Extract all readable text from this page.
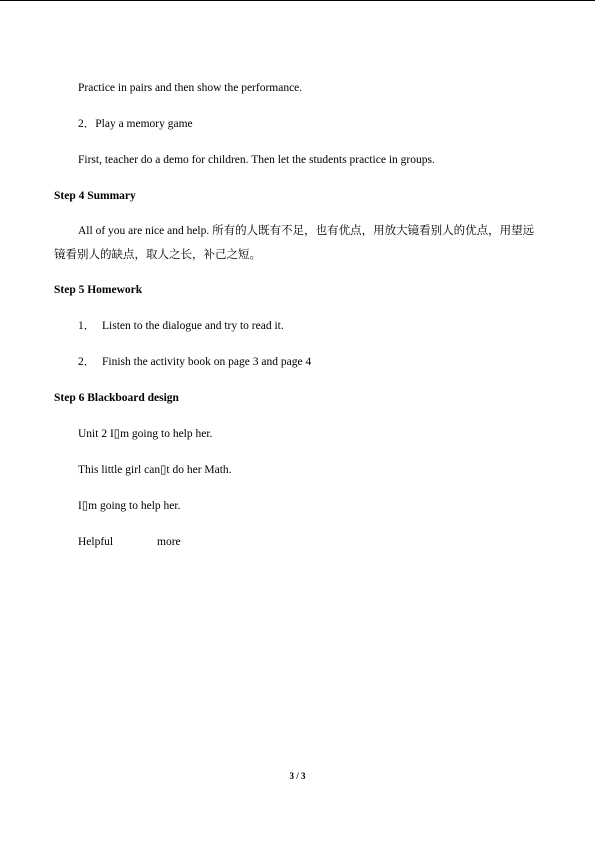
Practice in pairs and then show the performance.
2．Play a memory game
First, teacher do a demo for children. Then let the students practice in groups.
Step 4 Summary
All of you are nice and help. 所有的人既有不足，也有优点，用放大镜看别人的优点，用望远镜看别人的缺点，取人之长，补己之短。
Step 5 Homework
1． Listen to the dialogue and try to read it.
2． Finish the activity book on page 3 and page 4
Step 6 Blackboard design
Unit 2 I▯m going to help her.
This little girl can▯t do her Math.
I▯m going to help her.
Helpful	more
3 / 3
